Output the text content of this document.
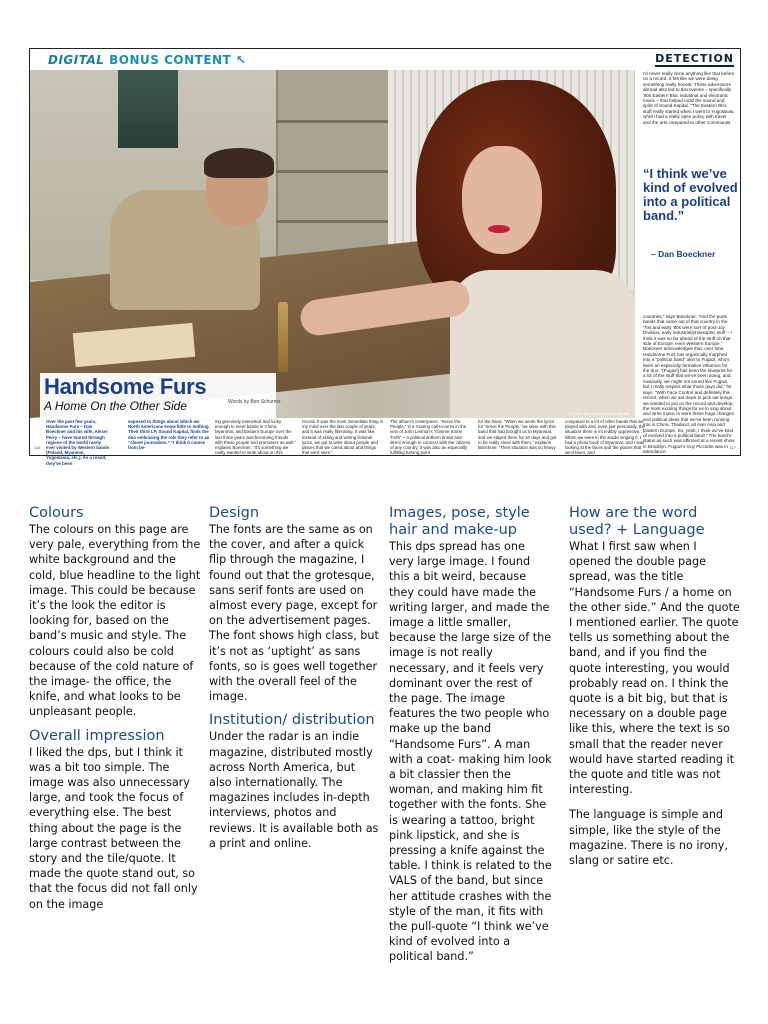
DIGITAL BONUS CONTENT ↖	DETECTION
© 2011 Ben Schumer/Vice Media
Handsome Furs
A Home On the Other Side	Words by Ben Schumer

I'd never really done anything like that before on a record. It felt like we were doing something really honest. These adventures abroad also led to discoveries – specifically '80s Eastern Bloc industrial and electronic music – that helped mold the sound and spirit of Sound Kapital. “The Eastern Bloc stuff really started when I went to Yugoslavia, which had a really open policy with travel and the arts compared to other Communist

countries,” says Boeckner. “And the punk bands that came out of that country in the '70s and early '80s were sort of post-Joy Division, early industrial/philosophic stuff – I think it was so far ahead of the stuff on that side of Europe, even Western Europe.” Boeckner acknowledges that, over time, Handsome Furs has organically morphed into a “political band” akin to Fugazi, who's been an especially formative influence for the duo. “[Fugazi] has been the blueprint for a lot of the stuff that we've been doing, and, musically, we might not sound like Fugazi, but I really respect what those guys did,” he says. “With Face Control and definitely this record, when we sat down to pick out songs we wanted to put on the record and develop, the most exciting things for us to sing about and write music to were these huge changes and political ideas that we've been running into in China, Thailand, all over Asia and Eastern Europe. So, yeah, I think we've kind of evolved into a political band.” The band's status as such was affirmed at a recent show in Brooklyn: Fugazi's Guy Picciotto was in attendance.

“I think we’ve kind of evolved into a political band.”
– Dan Boeckner
Over the past few years, Handsome Furs – Dan Boeckner and his wife, Alexei Perry – have toured through regions of the world rarely ever visited by Western bands (Poland, Myanmar, Yugoslavia, etc.). As a result, they've been
exposed to things about which we North Americans know little to nothing. Their third LP, Sound Kapital, finds the duo embracing the role they refer to as “closet journalists.” “I think it comes from be-
ing genuinely interested and lucky enough to meet bands in China, Myanmar, and Eastern Europe over the last three years and becoming friends with these people and promoters as well,” explains Boeckner. “It's something we really wanted to write about on this
record. It was the most immediate thing in my mind over the last couple of years, and it was really liberating. It was like, instead of sitting and writing fictional lyrics, we got to write about people and places that we cared about and things that we'd seen.”
The album's centerpiece, “Serve the People,” is a rousing call-to-arms in the vein of John Lennon's “Gimme Some Truth” – a political anthem broad and direct enough to connect with the citizens of any country. It was also an especially fulfilling turning point
for the band. “When we wrote the lyrics for ‘Serve the People,’ we were with this band that had brought us to Myanmar, and we stayed there for 10 days and got to be really close with them,” explains Boeckner. “Their situation was so heavy
compared to a lot of other bands that we played with and, even just personally, the situation there is incredibly oppressive.... When we were in the studio singing it, I had a photo book of Myanmar, and I was looking at the faces and the places that we'd been, and
116	117
Colours

The colours on this page are very pale, everything from the white background and the cold, blue headline to the light image. This could be because it’s the look the editor is looking for, based on the band’s music and style. The colours could also be cold because of the cold nature of the image- the office, the knife, and what looks to be unpleasant people.

Overall impression

I liked the dps, but I think it was a bit too simple. The image was also unnecessary large, and took the focus of everything else. The best thing about the page is the large contrast between the story and the tile/quote. It made the quote stand out, so that the focus did not fall only on the image

Design

The fonts are the same as on the cover, and after a quick flip through the magazine, I found out that the grotesque, sans serif fonts are used on almost every page, except for on the advertisement pages. The font shows high class, but it’s not as ‘uptight’ as sans fonts, so is goes well together with the overall feel of the image.

Institution/ distribution

Under the radar is an indie magazine, distributed mostly across North America, but also internationally. The magazines includes in-depth interviews, photos and reviews. It is available both as a print and online.

Images, pose, style hair and make-up

This dps spread has one very large image. I found this a bit weird, because they could have made the writing larger, and made the image a little smaller, because the large size of the image is not really necessary, and it feels very dominant over the rest of the page. The image features the two people who make up the band “Handsome Furs”. A man with a coat- making him look a bit classier then the woman, and making him fit together with the fonts. She is wearing a tattoo, bright pink lipstick, and she is pressing a knife against the table. I think is related to the VALS of the band, but since her attitude crashes with the style of the man, it fits with the pull-quote “I think we’ve kind of evolved into a political band.”

How are the word used? + Language

What I first saw when I opened the double page spread, was the title “Handsome Furs / a home on the other side.” And the quote I mentioned earlier. The quote tells us something about the band, and if you find the quote interesting, you would probably read on. I think the quote is a bit big, but that is necessary on a double page like this, where the text is so small that the reader never would have started reading it the quote and title was not interesting.

The language is simple and simple, like the style of the magazine. There is no irony, slang or satire etc.
